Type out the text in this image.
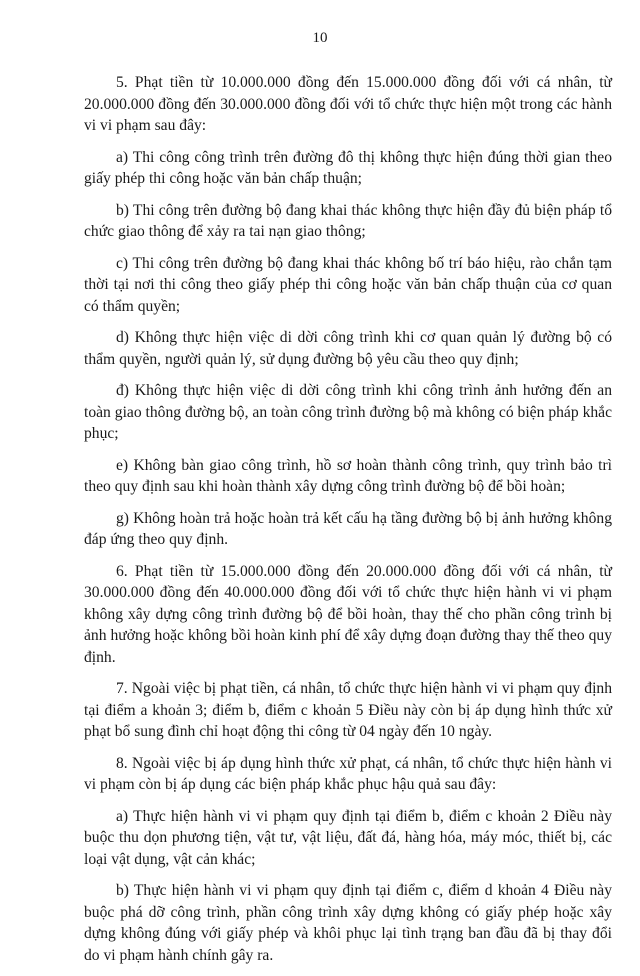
10

5. Phạt tiền từ 10.000.000 đồng đến 15.000.000 đồng đối với cá nhân, từ 20.000.000 đồng đến 30.000.000 đồng đối với tổ chức thực hiện một trong các hành vi vi phạm sau đây:

a) Thi công công trình trên đường đô thị không thực hiện đúng thời gian theo giấy phép thi công hoặc văn bản chấp thuận;

b) Thi công trên đường bộ đang khai thác không thực hiện đầy đủ biện pháp tổ chức giao thông để xảy ra tai nạn giao thông;

c) Thi công trên đường bộ đang khai thác không bố trí báo hiệu, rào chắn tạm thời tại nơi thi công theo giấy phép thi công hoặc văn bản chấp thuận của cơ quan có thẩm quyền;

d) Không thực hiện việc di dời công trình khi cơ quan quản lý đường bộ có thẩm quyền, người quản lý, sử dụng đường bộ yêu cầu theo quy định;

đ) Không thực hiện việc di dời công trình khi công trình ảnh hưởng đến an toàn giao thông đường bộ, an toàn công trình đường bộ mà không có biện pháp khắc phục;

e) Không bàn giao công trình, hồ sơ hoàn thành công trình, quy trình bảo trì theo quy định sau khi hoàn thành xây dựng công trình đường bộ để bồi hoàn;

g) Không hoàn trả hoặc hoàn trả kết cấu hạ tầng đường bộ bị ảnh hưởng không đáp ứng theo quy định.

6. Phạt tiền từ 15.000.000 đồng đến 20.000.000 đồng đối với cá nhân, từ 30.000.000 đồng đến 40.000.000 đồng đối với tổ chức thực hiện hành vi vi phạm không xây dựng công trình đường bộ để bồi hoàn, thay thế cho phần công trình bị ảnh hưởng hoặc không bồi hoàn kinh phí để xây dựng đoạn đường thay thế theo quy định.

7. Ngoài việc bị phạt tiền, cá nhân, tổ chức thực hiện hành vi vi phạm quy định tại điểm a khoản 3; điểm b, điểm c khoản 5 Điều này còn bị áp dụng hình thức xử phạt bổ sung đình chỉ hoạt động thi công từ 04 ngày đến 10 ngày.

8. Ngoài việc bị áp dụng hình thức xử phạt, cá nhân, tổ chức thực hiện hành vi vi phạm còn bị áp dụng các biện pháp khắc phục hậu quả sau đây:

a) Thực hiện hành vi vi phạm quy định tại điểm b, điểm c khoản 2 Điều này buộc thu dọn phương tiện, vật tư, vật liệu, đất đá, hàng hóa, máy móc, thiết bị, các loại vật dụng, vật cản khác;

b) Thực hiện hành vi vi phạm quy định tại điểm c, điểm d khoản 4 Điều này buộc phá dỡ công trình, phần công trình xây dựng không có giấy phép hoặc xây dựng không đúng với giấy phép và khôi phục lại tình trạng ban đầu đã bị thay đổi do vi phạm hành chính gây ra.
